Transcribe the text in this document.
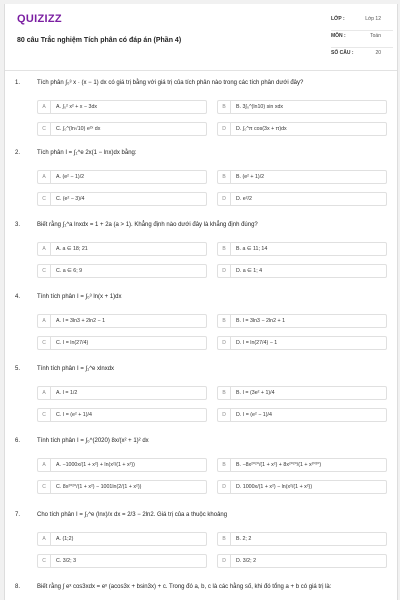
QUIZIZZ
80 câu Trắc nghiệm Tích phân có đáp án (Phần 4)
LỚP :	Lớp 12
MÔN :	Toán
SỐ CÂU :	20
1.	Tích phân ∫₀³ x · (x − 1) dx có giá trị bằng với giá trị của tích phân nào trong các tích phân dưới đây?
A	A. ∫₀² x² + x − 3dx	B	B. 3∫₀^(ln10) sin xdx
C	C. ∫₀^(ln√10) e²ˣ dx	D	D. ∫₀^π cos(3x + π)dx
2.	Tích phân I = ∫₁^e 2x(1 − lnx)dx bằng:
A	A. (e² − 1)/2	B	B. (e² + 1)/2
C	C. (e² − 3)/4	D	D. e²/2
3.	Biết rằng ∫₁^a lnxdx = 1 + 2a (a > 1). Khẳng định nào dưới đây là khẳng định đúng?
A	A. a ∈ 18; 21	B	B. a ∈ 11; 14
C	C. a ∈ 6; 9	D	D. a ∈ 1; 4
4.	Tính tích phân I = ∫₀³ ln(x + 1)dx
A	A. I = 3ln3 + 2ln2 − 1	B	B. I = 3ln3 − 2ln2 + 1
C	C. I = ln(27/4)	D	D. I = ln(27/4) − 1
5.	Tính tích phân I = ∫₁^e xlnxdx
A	A. I = 1/2	B	B. I = (3e² + 1)/4
C	C. I = (e² + 1)/4	D	D. I = (e² − 1)/4
6.	Tính tích phân I = ∫₀^(2020) 8x/(x² + 1)² dx
A	A. −1000x/(1 + x²) + ln(x²/(1 + x²))	B	B. −8x²⁰²⁰/(1 + x²) + 8x²⁰²⁰/(1 + x²⁰²⁰)
C	C. 8x²⁰²⁰/(1 + x²) − 1001ln(2/(1 + x²))	D	D. 1000x/(1 + x²) − ln(x²/(1 + x²))
7.	Cho tích phân I = ∫₁^e (lnx)/x dx = 2/3 − 2ln2. Giá trị của a thuộc khoảng
A	A. (1;2)	B	B. 2; 2
C	C. 3/2; 3	D	D. 3/2; 2
8.	Biết rằng ∫ eˣ cos3xdx = eˣ (acos3x + bsin3x) + c. Trong đó a, b, c là các hằng số, khi đó tổng a + b có giá trị là:
